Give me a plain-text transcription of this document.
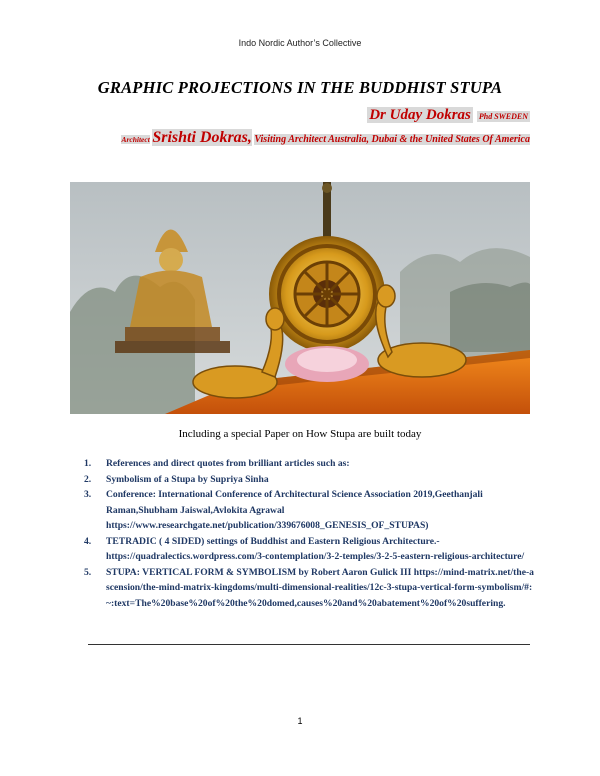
Indo Nordic Author’s Collective
GRAPHIC PROJECTIONS IN THE BUDDHIST STUPA
Dr Uday Dokras Phd SWEDEN
Architect Srishti Dokras, Visiting Architect Australia, Dubai & the United States Of America
Including a special Paper on How Stupa are built today
1. References and direct quotes from brilliant articles such as:
2. Symbolism of a Stupa by Supriya Sinha
3. Conference: International Conference of Architectural Science Association 2019,Geethanjali Raman,Shubham Jaiswal,Avlokita Agrawal https://www.researchgate.net/publication/339676008_GENESIS_OF_STUPAS)
4. TETRADIC ( 4 SIDED) settings of Buddhist and Eastern Religious Architecture.- https://quadralectics.wordpress.com/3-contemplation/3-2-temples/3-2-5-eastern-religious-architecture/
5. STUPA: VERTICAL FORM & SYMBOLISM by Robert Aaron Gulick III https://mind-matrix.net/the-ascension/the-mind-matrix-kingdoms/multi-dimensional-realities/12c-3-stupa-vertical-form-symbolism/#:~:text=The%20base%20of%20the%20domed,causes%20and%20abatement%20of%20suffering.
1
